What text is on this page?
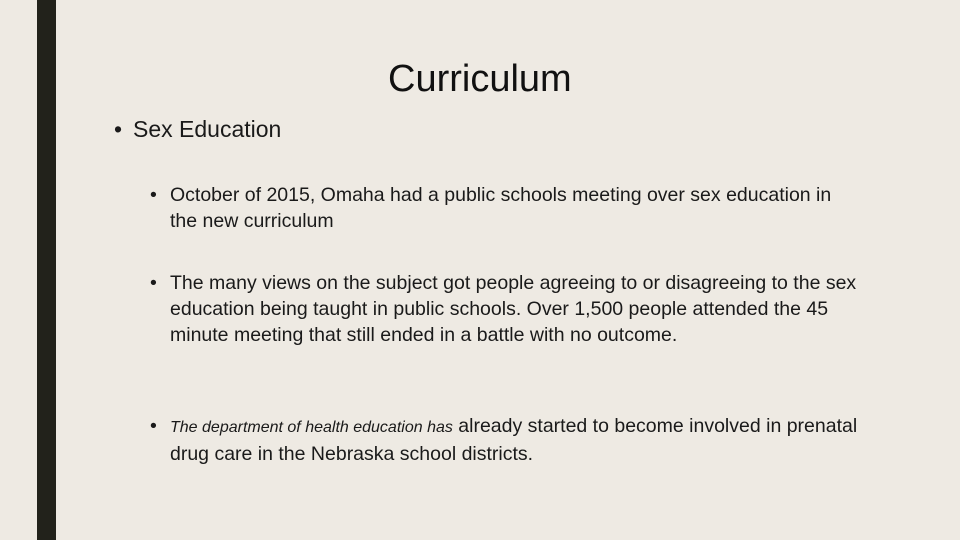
Curriculum
• Sex Education
• October of 2015, Omaha had a public schools meeting over sex education in the new curriculum
• The many views on the subject got people agreeing to or disagreeing to the sex education being taught in public schools. Over 1,500 people attended the 45 minute meeting that still ended in a battle with no outcome.
• The department of health education has already started to become involved in prenatal drug care in the Nebraska school districts.
